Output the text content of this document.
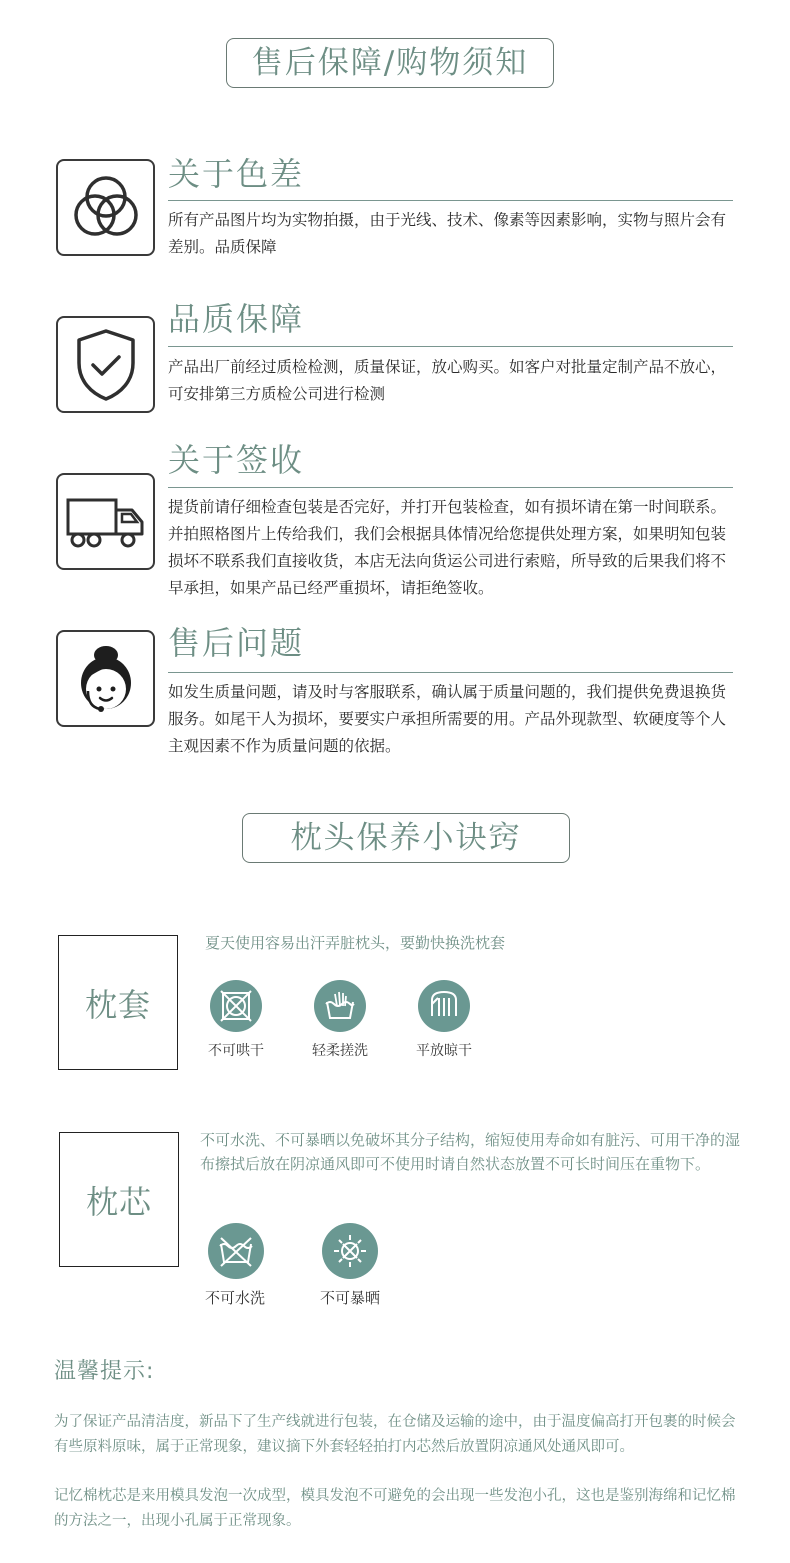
售后保障/购物须知
关于色差
所有产品图片均为实物拍摄，由于光线、技术、像素等因素影响，实物与照片会有差别。品质保障
品质保障
产品出厂前经过质检检测，质量保证，放心购买。如客户对批量定制产品不放心，可安排第三方质检公司进行检测
关于签收
提货前请仔细检查包装是否完好，并打开包装检查，如有损坏请在第一时间联系。并拍照格图片上传给我们，我们会根据具体情况给您提供处理方案，如果明知包装损坏不联系我们直接收货，本店无法向货运公司进行索赔，所导致的后果我们将不早承担，如果产品已经严重损坏，请拒绝签收。
售后问题
如发生质量问题，请及时与客服联系，确认属于质量问题的，我们提供免费退换货服务。如尾干人为损坏，要要实户承担所需要的用。产品外现款型、软硬度等个人主观因素不作为质量问题的依据。
枕头保养小诀窍
枕套
夏天使用容易出汗弄脏枕头，要勤快换洗枕套
不可哄干	轻柔搓洗	平放晾干
枕芯
不可水洗、不可暴晒以免破坏其分子结构，缩短使用寿命如有脏污、可用干净的湿布擦拭后放在阴凉通风即可不使用时请自然状态放置不可长时间压在重物下。
不可水洗	不可暴晒
温馨提示:
为了保证产品清洁度，新品下了生产线就进行包装，在仓储及运输的途中，由于温度偏高打开包裹的时候会有些原料原味，属于正常现象，建议摘下外套轻轻拍打内芯然后放置阴凉通风处通风即可。
记忆棉枕芯是来用模具发泡一次成型，模具发泡不可避免的会出现一些发泡小孔，这也是鉴别海绵和记忆棉的方法之一，出现小孔属于正常现象。
